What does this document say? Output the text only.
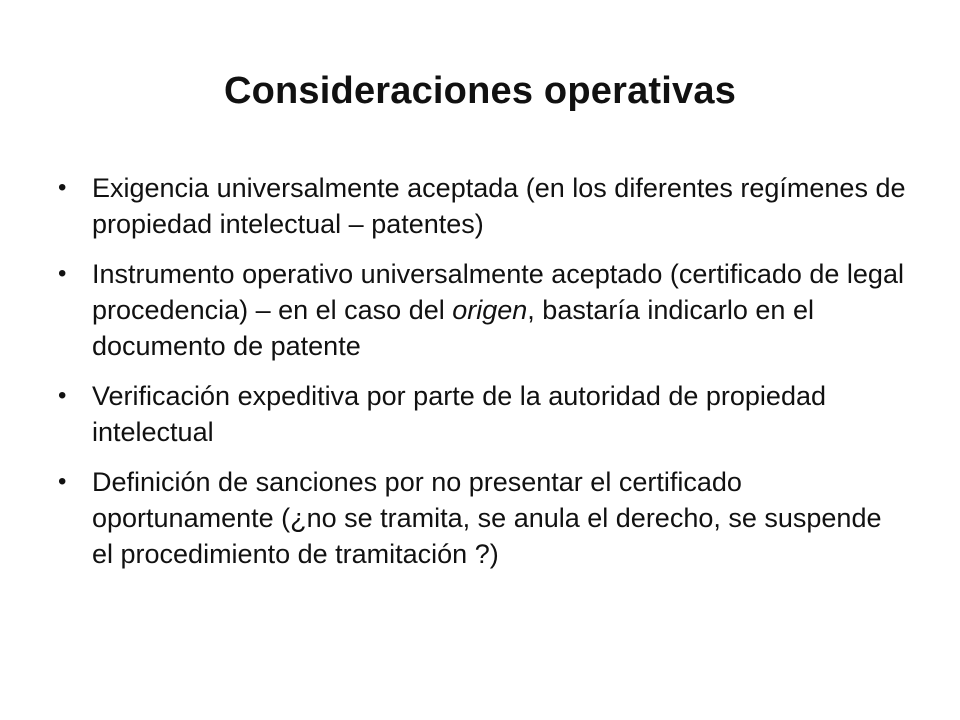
Consideraciones operativas
• Exigencia universalmente aceptada (en los diferentes regímenes de propiedad intelectual – patentes)
• Instrumento operativo universalmente aceptado (certificado de legal procedencia) – en el caso del origen, bastaría indicarlo en el documento de patente
• Verificación expeditiva por parte de la autoridad de propiedad intelectual
• Definición de sanciones por no presentar el certificado oportunamente (¿no se tramita, se anula el derecho, se suspende el procedimiento de tramitación ?)
